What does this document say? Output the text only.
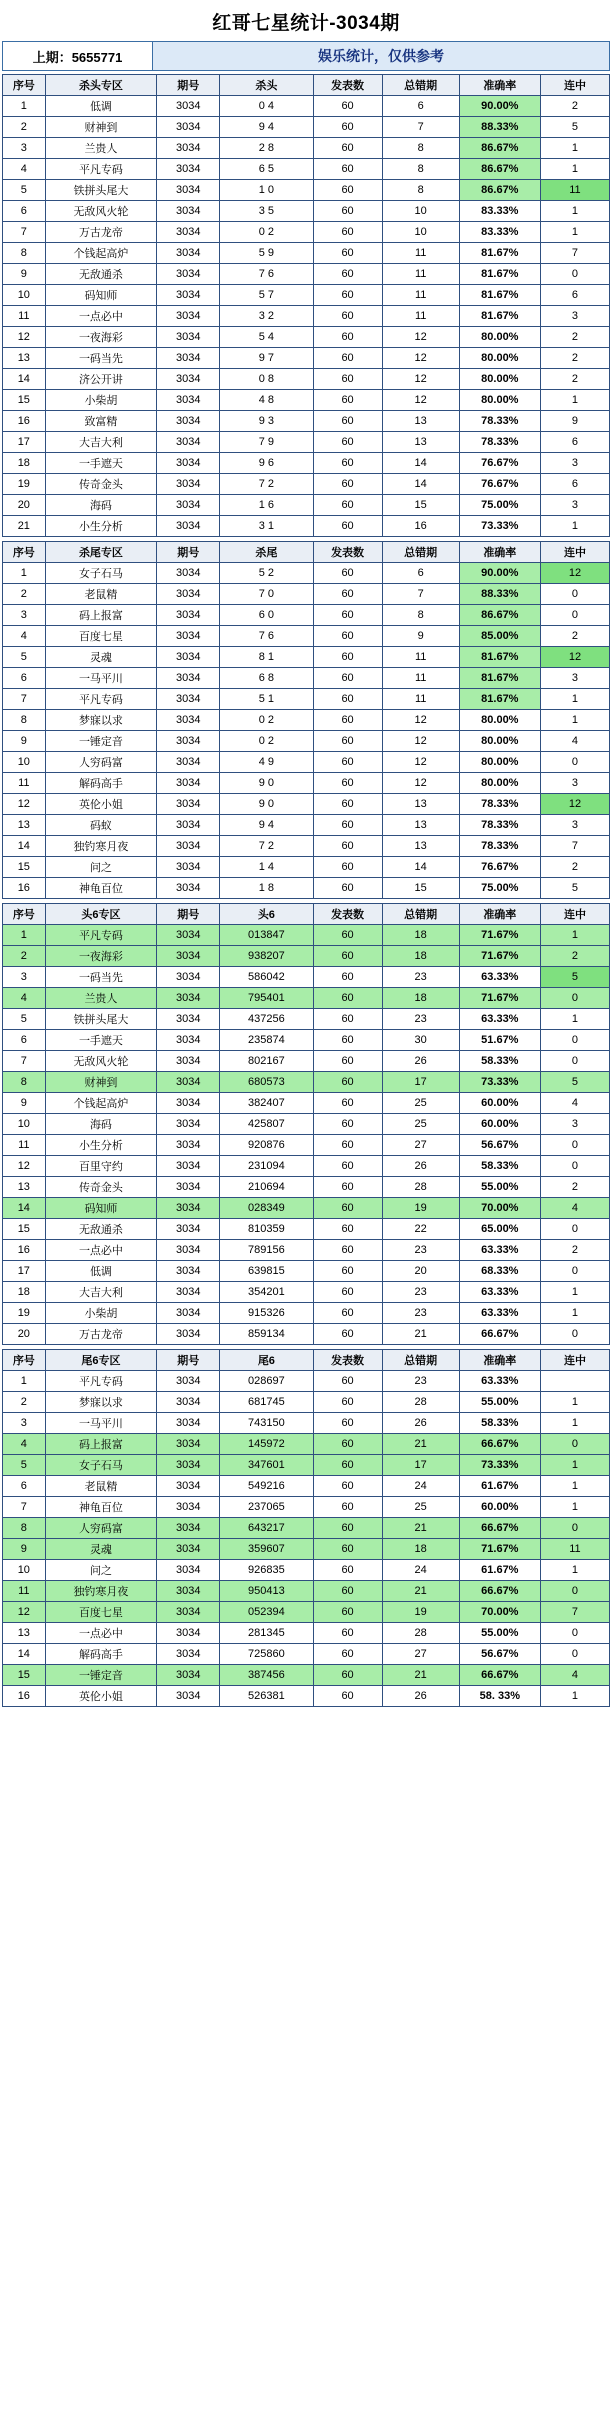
红哥七星统计-3034期
上期：5655771	娱乐统计，仅供参考
序号	杀头专区	期号	杀头	发表数	总错期	准确率	连中
1	低调	3034	0 4	60	6	90.00%	2
2	财神到	3034	9 4	60	7	88.33%	5
3	兰贵人	3034	2 8	60	8	86.67%	1
4	平凡专码	3034	6 5	60	8	86.67%	1
5	铁拼头尾大	3034	1 0	60	8	86.67%	11
6	无敌风火轮	3034	3 5	60	10	83.33%	1
7	万古龙帝	3034	0 2	60	10	83.33%	1
8	个钱起高炉	3034	5 9	60	11	81.67%	7
9	无敌通杀	3034	7 6	60	11	81.67%	0
10	码知师	3034	5 7	60	11	81.67%	6
11	一点必中	3034	3 2	60	11	81.67%	3
12	一夜海彩	3034	5 4	60	12	80.00%	2
13	一码当先	3034	9 7	60	12	80.00%	2
14	济公开讲	3034	0 8	60	12	80.00%	2
15	小柴胡	3034	4 8	60	12	80.00%	1
16	致富精	3034	9 3	60	13	78.33%	9
17	大吉大利	3034	7 9	60	13	78.33%	6
18	一手遮天	3034	9 6	60	14	76.67%	3
19	传奇金头	3034	7 2	60	14	76.67%	6
20	海码	3034	1 6	60	15	75.00%	3
21	小生分析	3034	3 1	60	16	73.33%	1
序号	杀尾专区	期号	杀尾	发表数	总错期	准确率	连中
1	女子石马	3034	5 2	60	6	90.00%	12
2	老鼠精	3034	7 0	60	7	88.33%	0
3	码上报富	3034	6 0	60	8	86.67%	0
4	百度七星	3034	7 6	60	9	85.00%	2
5	灵魂	3034	8 1	60	11	81.67%	12
6	一马平川	3034	6 8	60	11	81.67%	3
7	平凡专码	3034	5 1	60	11	81.67%	1
8	梦寐以求	3034	0 2	60	12	80.00%	1
9	一锤定音	3034	0 2	60	12	80.00%	4
10	人穷码富	3034	4 9	60	12	80.00%	0
11	解码高手	3034	9 0	60	12	80.00%	3
12	英伦小姐	3034	9 0	60	13	78.33%	12
13	码蚁	3034	9 4	60	13	78.33%	3
14	独钓寒月夜	3034	7 2	60	13	78.33%	7
15	问之	3034	1 4	60	14	76.67%	2
16	神龟百位	3034	1 8	60	15	75.00%	5
序号	头6专区	期号	头6	发表数	总错期	准确率	连中
1	平凡专码	3034	013847	60	18	71.67%	1
2	一夜海彩	3034	938207	60	18	71.67%	2
3	一码当先	3034	586042	60	23	63.33%	5
4	兰贵人	3034	795401	60	18	71.67%	0
5	铁拼头尾大	3034	437256	60	23	63.33%	1
6	一手遮天	3034	235874	60	30	51.67%	0
7	无敌风火轮	3034	802167	60	26	58.33%	0
8	财神到	3034	680573	60	17	73.33%	5
9	个钱起高炉	3034	382407	60	25	60.00%	4
10	海码	3034	425807	60	25	60.00%	3
11	小生分析	3034	920876	60	27	56.67%	0
12	百里守约	3034	231094	60	26	58.33%	0
13	传奇金头	3034	210694	60	28	55.00%	2
14	码知师	3034	028349	60	19	70.00%	4
15	无敌通杀	3034	810359	60	22	65.00%	0
16	一点必中	3034	789156	60	23	63.33%	2
17	低调	3034	639815	60	20	68.33%	0
18	大吉大利	3034	354201	60	23	63.33%	1
19	小柴胡	3034	915326	60	23	63.33%	1
20	万古龙帝	3034	859134	60	21	66.67%	0
序号	尾6专区	期号	尾6	发表数	总错期	准确率	连中
1	平凡专码	3034	028697	60	23	63.33%	
2	梦寐以求	3034	681745	60	28	55.00%	1
3	一马平川	3034	743150	60	26	58.33%	1
4	码上报富	3034	145972	60	21	66.67%	0
5	女子石马	3034	347601	60	17	73.33%	1
6	老鼠精	3034	549216	60	24	61.67%	1
7	神龟百位	3034	237065	60	25	60.00%	1
8	人穷码富	3034	643217	60	21	66.67%	0
9	灵魂	3034	359607	60	18	71.67%	11
10	问之	3034	926835	60	24	61.67%	1
11	独钓寒月夜	3034	950413	60	21	66.67%	0
12	百度七星	3034	052394	60	19	70.00%	7
13	一点必中	3034	281345	60	28	55.00%	0
14	解码高手	3034	725860	60	27	56.67%	0
15	一锤定音	3034	387456	60	21	66.67%	4
16	英伦小姐	3034	526381	60	26	58. 33%	1
